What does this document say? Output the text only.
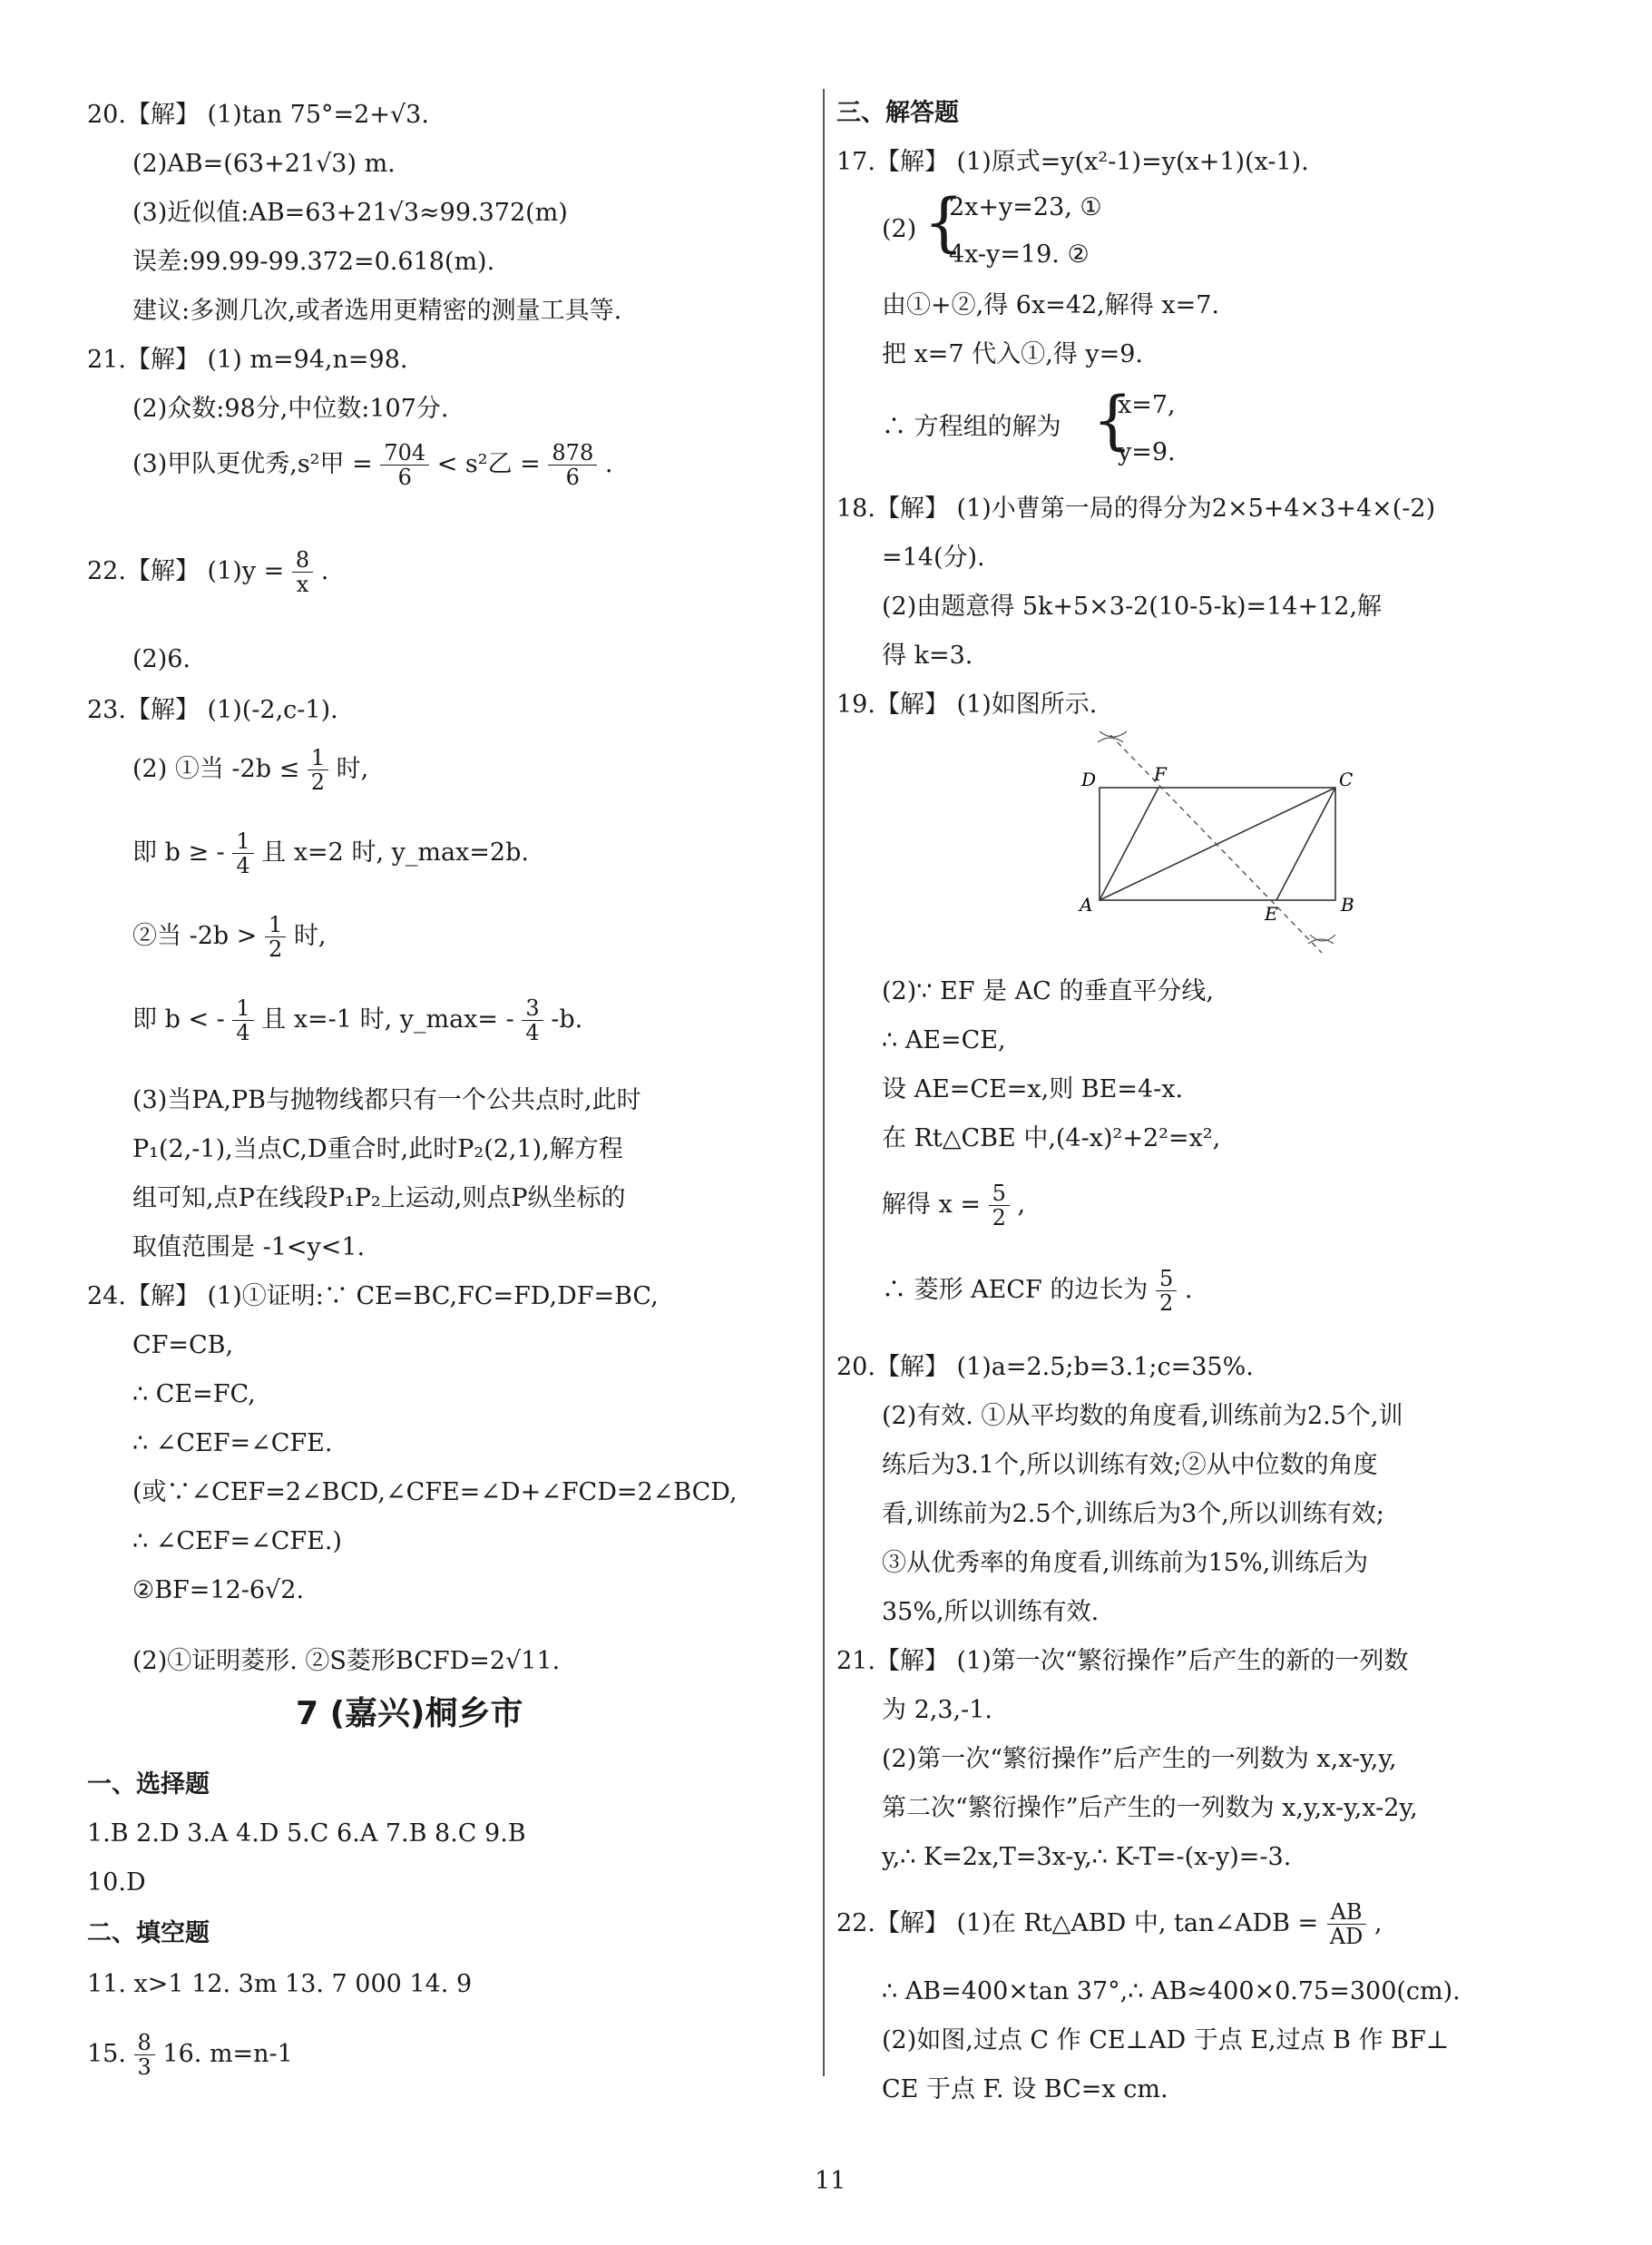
20.【解】 (1)tan 75°=2+√3.
(2)AB=(63+21√3) m.
(3)近似值:AB=63+21√3≈99.372(m)
误差:99.99-99.372=0.618(m).
建议:多测几次,或者选用更精密的测量工具等.
21.【解】 (1) m=94,n=98.
(2)众数:98分,中位数:107分.
(3)甲队更优秀,s²甲 = $\frac{704}{6} < s^2$乙 = $\frac{878}{6}$ .
22.【解】 $(1)y = \frac{8}{x}$ .
(2)6.
23.【解】 (1)(-2,c-1).
(2) ①当 $-2b \le \frac{1}{2}$ 时,
即 b ≥ - $\frac{1}{4}$ 且 x=2 时, y_max=2b.
②当 $-2b > \frac{1}{2}$ 时,
即 b < - $\frac{1}{4}$ 且 x=-1 时, y_max= - $\frac{3}{4} -b$.
(3)当PA,PB与抛物线都只有一个公共点时,此时
P₁(2,-1),当点C,D重合时,此时P₂(2,1),解方程
组可知,点P在线段P₁P₂上运动,则点P纵坐标的
取值范围是 -1<y<1.
24.【解】 (1)①证明:∵ CE=BC,FC=FD,DF=BC,
CF=CB,
∴ CE=FC,
∴ ∠CEF=∠CFE.
(或∵∠CEF=2∠BCD,∠CFE=∠D+∠FCD=2∠BCD,
∴ ∠CEF=∠CFE.)
②BF=12-6√2.
(2)①证明菱形. ②S菱形BCFD=2√11.
7 (嘉兴)桐乡市
一、选择题
1.B 2.D 3.A 4.D 5.C 6.A 7.B 8.C 9.B
10.D
二、填空题
11. x>1 12. 3m 13. 7 000 14. 9
15. $\frac{8}{3} 16$. m=n-1
三、解答题
17.【解】 (1)原式=y(x²-1)=y(x+1)(x-1).
(2) {
2x+y=23, ①
4x-y=19. ②
由①+②,得 6x=42,解得 x=7.
把 x=7 代入①,得 y=9.
∴ 方程组的解为 {
x=7,
y=9.
18.【解】 (1)小曹第一局的得分为2×5+4×3+4×(-2)
=14(分).
(2)由题意得 5k+5×3-2(10-5-k)=14+12,解
得 k=3.
19.【解】 (1)如图所示.
D	F	C
A	E	B
(2)∵ EF 是 AC 的垂直平分线,
∴ AE=CE,
设 AE=CE=x,则 BE=4-x.
在 Rt△CBE 中,(4-x)²+2²=x²,
解得 $x = \frac{5}{2}$ ,
∴ 菱形 AECF 的边长为 $\frac{5}{2}$ .
20.【解】 (1)a=2.5;b=3.1;c=35%.
(2)有效. ①从平均数的角度看,训练前为2.5个,训
练后为3.1个,所以训练有效;②从中位数的角度
看,训练前为2.5个,训练后为3个,所以训练有效;
③从优秀率的角度看,训练前为15%,训练后为
35%,所以训练有效.
21.【解】 (1)第一次“繁衍操作”后产生的新的一列数
为 2,3,-1.
(2)第一次“繁衍操作”后产生的一列数为 x,x-y,y,
第二次“繁衍操作”后产生的一列数为 x,y,x-y,x-2y,
y,∴ K=2x,T=3x-y,∴ K-T=-(x-y)=-3.
22.【解】 (1)在 Rt△ABD 中, tan∠ADB = $\frac{AB}{AD}$ ,
∴ AB=400×tan 37°,∴ AB≈400×0.75=300(cm).
(2)如图,过点 C 作 CE⊥AD 于点 E,过点 B 作 BF⊥
CE 于点 F. 设 BC=x cm.
11
